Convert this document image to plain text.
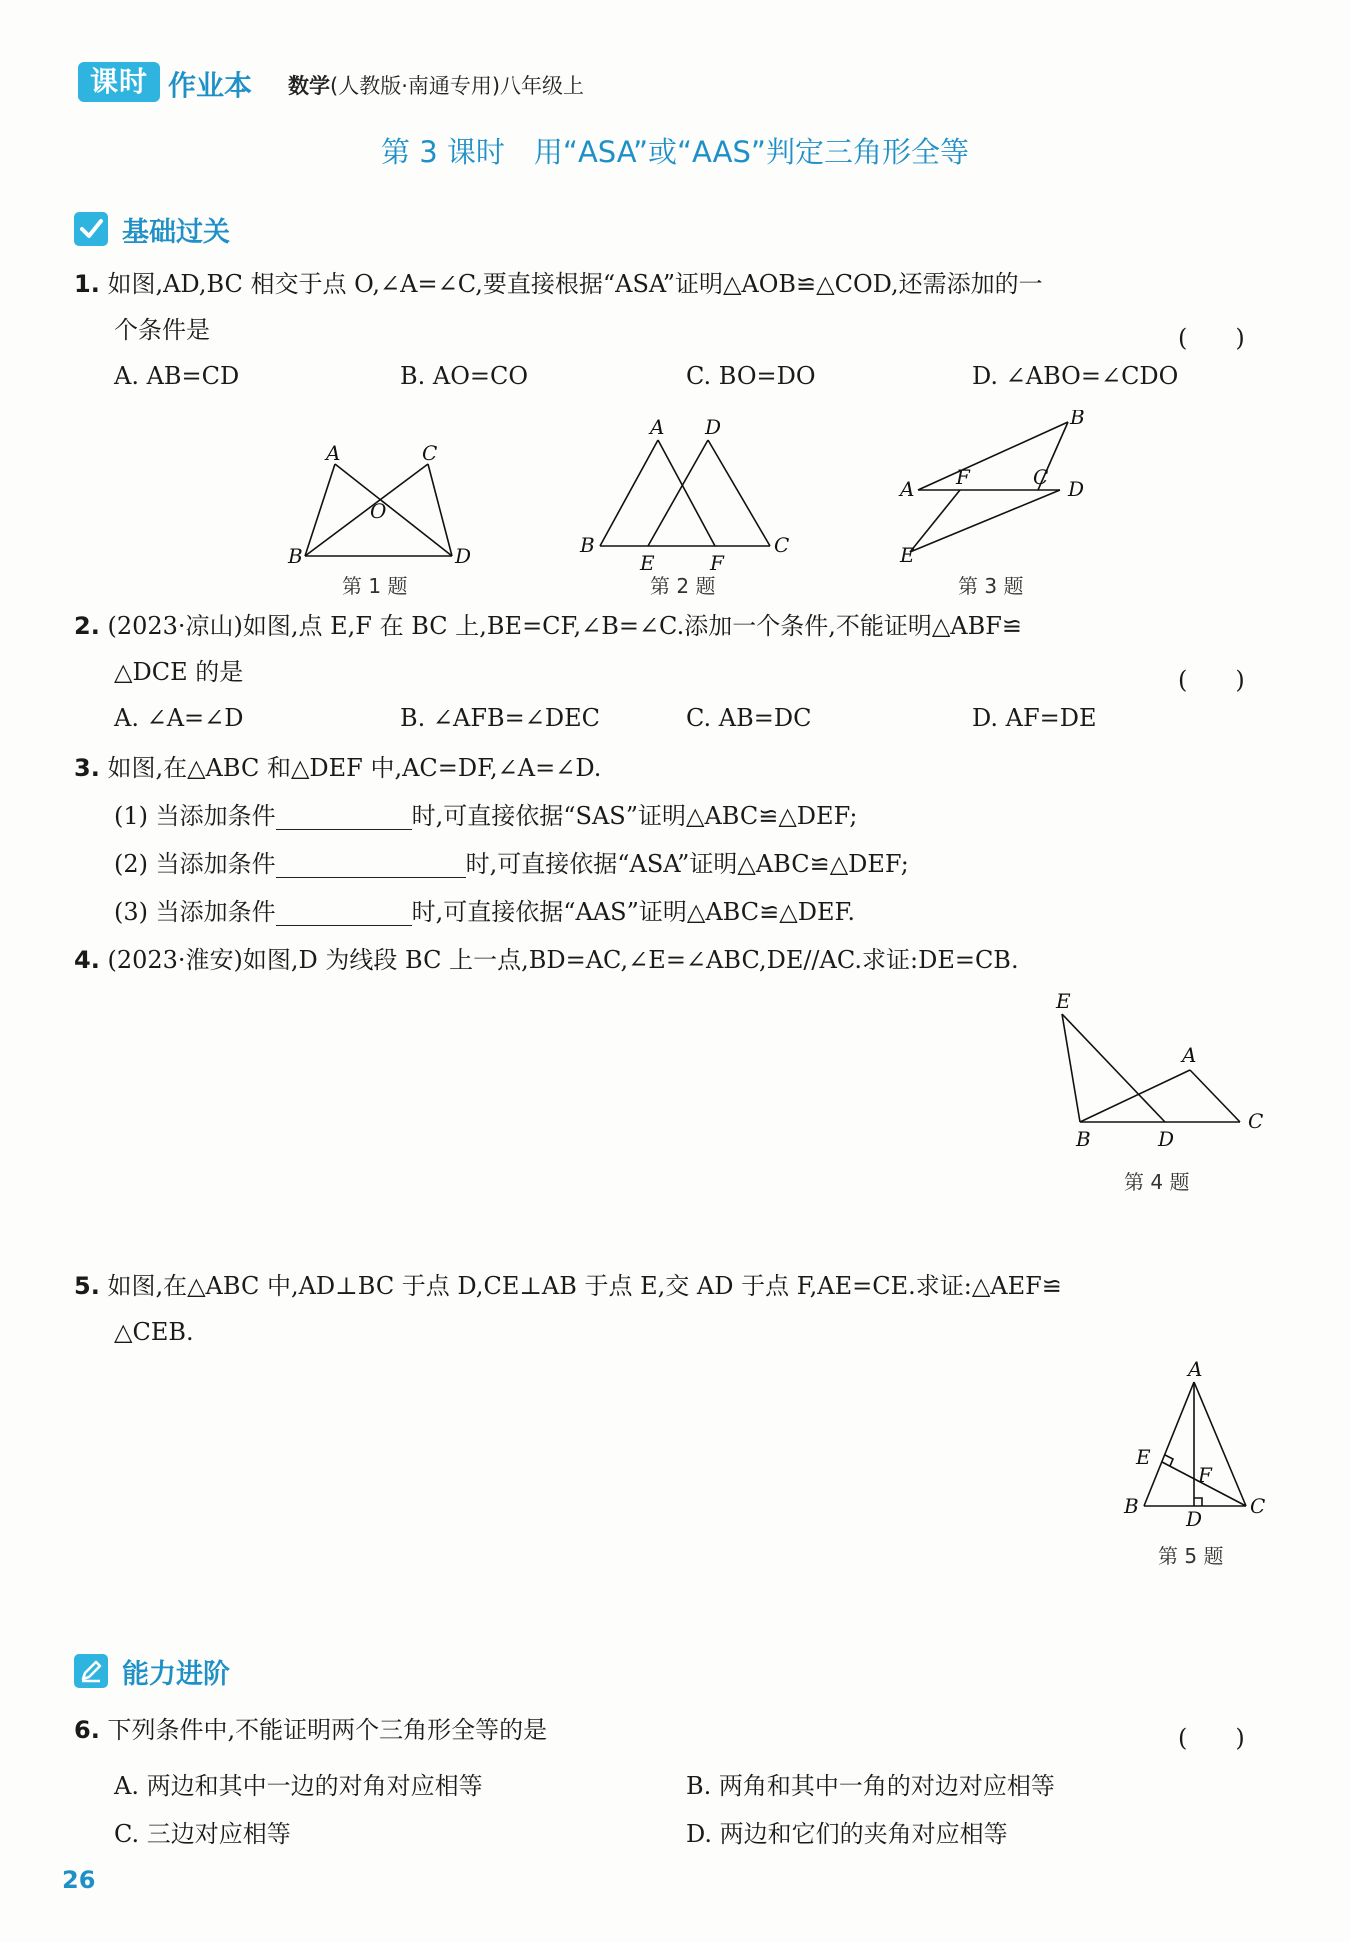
课时 作业本 数学(人教版·南通专用)八年级上
第 3 课时　用“ASA”或“AAS”判定三角形全等
基础过关
1. 如图,AD,BC 相交于点 O,∠A=∠C,要直接根据“ASA”证明△AOB≌△COD,还需添加的一
个条件是	(　　)
A. AB=CD	B. AO=CO	C. BO=DO	D. ∠ABO=∠CDO
A	C
O
B	D
第 1 题
A D
B
E	F
C
第 2 题
B
A F	C D
E
第 3 题
2. (2023·凉山)如图,点 E,F 在 BC 上,BE=CF,∠B=∠C.添加一个条件,不能证明△ABF≌
△DCE 的是	(　　)
A. ∠A=∠D	B. ∠AFB=∠DEC	C. AB=DC	D. AF=DE
3. 如图,在△ABC 和△DEF 中,AC=DF,∠A=∠D.
(1) 当添加条件	时,可直接依据“SAS”证明△ABC≌△DEF;
(2) 当添加条件	时,可直接依据“ASA”证明△ABC≌△DEF;
(3) 当添加条件	时,可直接依据“AAS”证明△ABC≌△DEF.
4. (2023·淮安)如图,D 为线段 BC 上一点,BD=AC,∠E=∠ABC,DE//AC.求证:DE=CB.
E
A
B	D
C
第 4 题
5. 如图,在△ABC 中,AD⊥BC 于点 D,CE⊥AB 于点 E,交 AD 于点 F,AE=CE.求证:△AEF≌
△CEB.
A
E
F
B
D
C
第 5 题
能力进阶
6. 下列条件中,不能证明两个三角形全等的是	(　　)
A. 两边和其中一边的对角对应相等	B. 两角和其中一角的对边对应相等
C. 三边对应相等	D. 两边和它们的夹角对应相等
26
